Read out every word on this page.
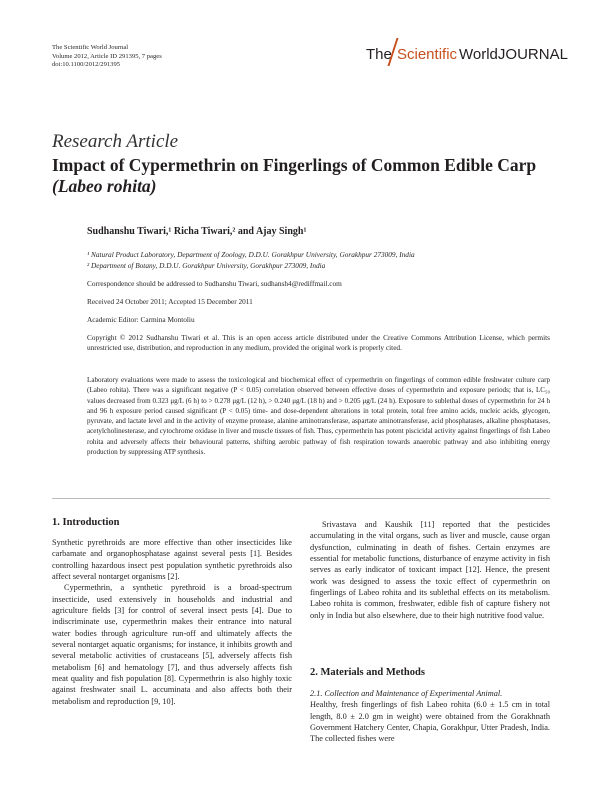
The Scientific World Journal
Volume 2012, Article ID 291395, 7 pages
doi:10.1100/2012/291395
The Scientific WorldJOURNAL
Research Article
Impact of Cypermethrin on Fingerlings of Common Edible Carp
(Labeo rohita)
Sudhanshu Tiwari,¹ Richa Tiwari,² and Ajay Singh¹
¹ Natural Product Laboratory, Department of Zoology, D.D.U. Gorakhpur University, Gorakhpur 273009, India
² Department of Botany, D.D.U. Gorakhpur University, Gorakhpur 273009, India
Correspondence should be addressed to Sudhanshu Tiwari, sudhansh4@rediffmail.com
Received 24 October 2011; Accepted 15 December 2011
Academic Editor: Carmina Montoliu
Copyright © 2012 Sudhanshu Tiwari et al. This is an open access article distributed under the Creative Commons Attribution License, which permits unrestricted use, distribution, and reproduction in any medium, provided the original work is properly cited.
Laboratory evaluations were made to assess the toxicological and biochemical effect of cypermethrin on fingerlings of common edible freshwater culture carp (Labeo rohita). There was a significant negative (P < 0.05) correlation observed between effective doses of cypermethrin and exposure periods; that is, LC₅₀ values decreased from 0.323 μg/L (6 h) to > 0.278 μg/L (12 h), > 0.240 μg/L (18 h) and > 0.205 μg/L (24 h). Exposure to sublethal doses of cypermethrin for 24 h and 96 h exposure period caused significant (P < 0.05) time- and dose-dependent alterations in total protein, total free amino acids, nucleic acids, glycogen, pyruvate, and lactate level and in the activity of enzyme protease, alanine aminotransferase, aspartate aminotransferase, acid phosphatases, alkaline phosphatases, acetylcholinesterase, and cytochrome oxidase in liver and muscle tissues of fish. Thus, cypermethrin has potent piscicidal activity against fingerlings of fish Labeo rohita and adversely affects their behavioural patterns, shifting aerobic pathway of fish respiration towards anaerobic pathway and also inhibiting energy production by suppressing ATP synthesis.
1. Introduction

Synthetic pyrethroids are more effective than other insecticides like carbamate and organophosphatase against several pests [1]. Besides controlling hazardous insect pest population synthetic pyrethroids also affect several nontarget organisms [2].

Cypermethrin, a synthetic pyrethroid is a broad-spectrum insecticide, used extensively in households and industrial and agriculture fields [3] for control of several insect pests [4]. Due to indiscriminate use, cypermethrin makes their entrance into natural water bodies through agriculture run-off and ultimately affects the several nontarget aquatic organisms; for instance, it inhibits growth and several metabolic activities of crustaceans [5], adversely affects fish metabolism [6] and hematology [7], and thus adversely affects fish meat quality and fish population [8]. Cypermethrin is also highly toxic against freshwater snail L. accuminata and also affects both their metabolism and reproduction [9, 10].

Srivastava and Kaushik [11] reported that the pesticides accumulating in the vital organs, such as liver and muscle, cause organ dysfunction, culminating in death of fishes. Certain enzymes are essential for metabolic functions, disturbance of enzyme activity in fish serves as early indicator of toxicant impact [12]. Hence, the present work was designed to assess the toxic effect of cypermethrin on fingerlings of Labeo rohita and its sublethal effects on its metabolism. Labeo rohita is common, freshwater, edible fish of capture fishery not only in India but also elsewhere, due to their high nutritive food value.

2. Materials and Methods

2.1. Collection and Maintenance of Experimental Animal.

Healthy, fresh fingerlings of fish Labeo rohita (6.0 ± 1.5 cm in total length, 8.0 ± 2.0 gm in weight) were obtained from the Gorakhnath Government Hatchery Center, Chapia, Gorakhpur, Utter Pradesh, India. The collected fishes were
